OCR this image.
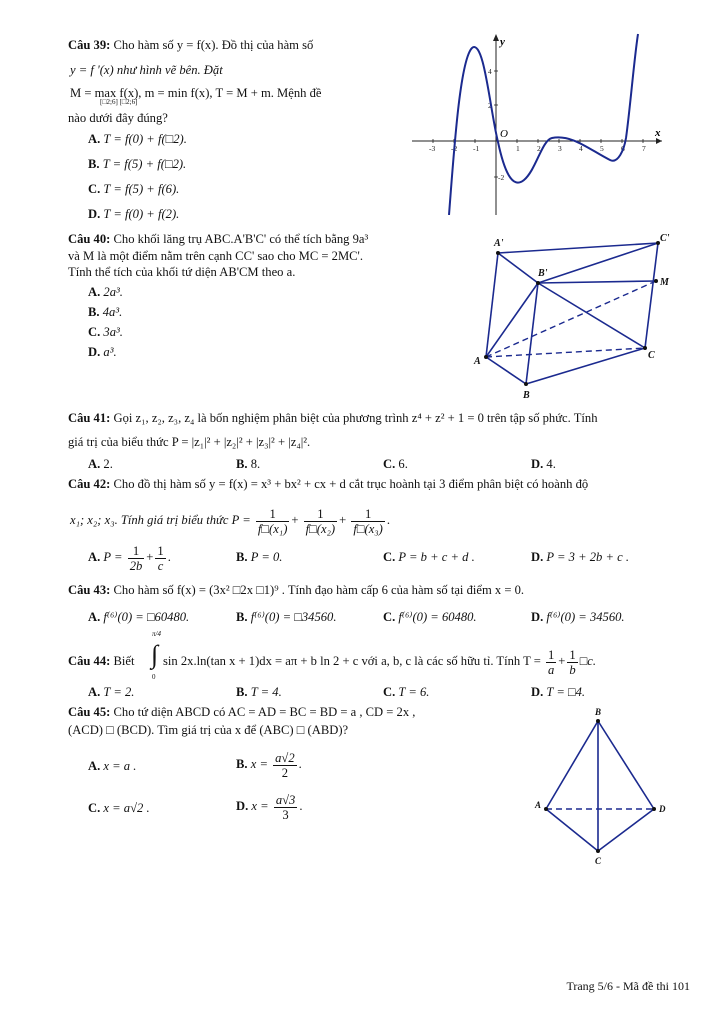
Câu 39: Cho hàm số y = f(x). Đồ thị của hàm số
y = f '(x) như hình vẽ bên. Đặt
M = max f(x), m = min f(x), T = M + m. Mệnh đề
[□2;6] [□2;6]
nào dưới đây đúng?
A. T = f(0) + f(□2).
B. T = f(5) + f(□2).
C. T = f(5) + f(6).
D. T = f(0) + f(2).
y
x
O
-3 -2 -1	1 2 3 4 5 6 7
4
2
-2
Câu 40: Cho khối lăng trụ ABC.A'B'C' có thể tích bằng 9a³
và M là một điểm nằm trên cạnh CC' sao cho MC = 2MC'.
Tính thể tích của khối tứ diện AB'CM theo a.
A. 2a³.
B. 4a³.
C. 3a³.
D. a³.
A'	C'
B'
M
A
B
C
Câu 41: Gọi z₁, z₂, z₃, z₄ là bốn nghiệm phân biệt của phương trình z⁴ + z² + 1 = 0 trên tập số phức. Tính
giá trị của biểu thức P = |z₁|² + |z₂|² + |z₃|² + |z₄|².
A. 2.	B. 8.	C. 6.	D. 4.
Câu 42: Cho đồ thị hàm số y = f(x) = x³ + bx² + cx + d cắt trục hoành tại 3 điểm phân biệt có hoành độ
x₁; x₂; x₃. Tính giá trị biểu thức $P = \frac{1}{\text{f□(x₁)}} + \frac{1}{\text{f□(x₂)}} + \frac{1}{\text{f□(x₃)}}$ .
A. $P = \frac{1}{2b} + \frac{1}{c}$ .	B. P = 0.	C. P = b + c + d .	D. P = 3 + 2b + c .
Câu 43: Cho hàm số f(x) = (3x² □2x □1)⁹ . Tính đạo hàm cấp 6 của hàm số tại điểm x = 0.
A. f⁽⁶⁾(0) = □60480.	B. f⁽⁶⁾(0) = □34560.	C. f⁽⁶⁾(0) = 60480.	D. f⁽⁶⁾(0) = 34560.
Câu 44: Biết ∫
π/4
0
sin 2x.ln(tan x + 1)dx = aπ + b ln 2 + c với a, b, c là các số hữu tỉ. Tính $T = \frac{1}{a} + \frac{1}{b}$ □c.
A. T = 2.	B. T = 4.	C. T = 6.	D. T = □4.
Câu 45: Cho tứ diện ABCD có AC = AD = BC = BD = a , CD = 2x ,
(ACD) □ (BCD). Tìm giá trị của x để (ABC) □ (ABD)?
A. x = a .	B. $x = \frac{a√2}{2}$ .
C. x = a√2 .	D. $x = \frac{a√3}{3}$ .
B
A	D
C
Trang 5/6 - Mã đề thi 101
